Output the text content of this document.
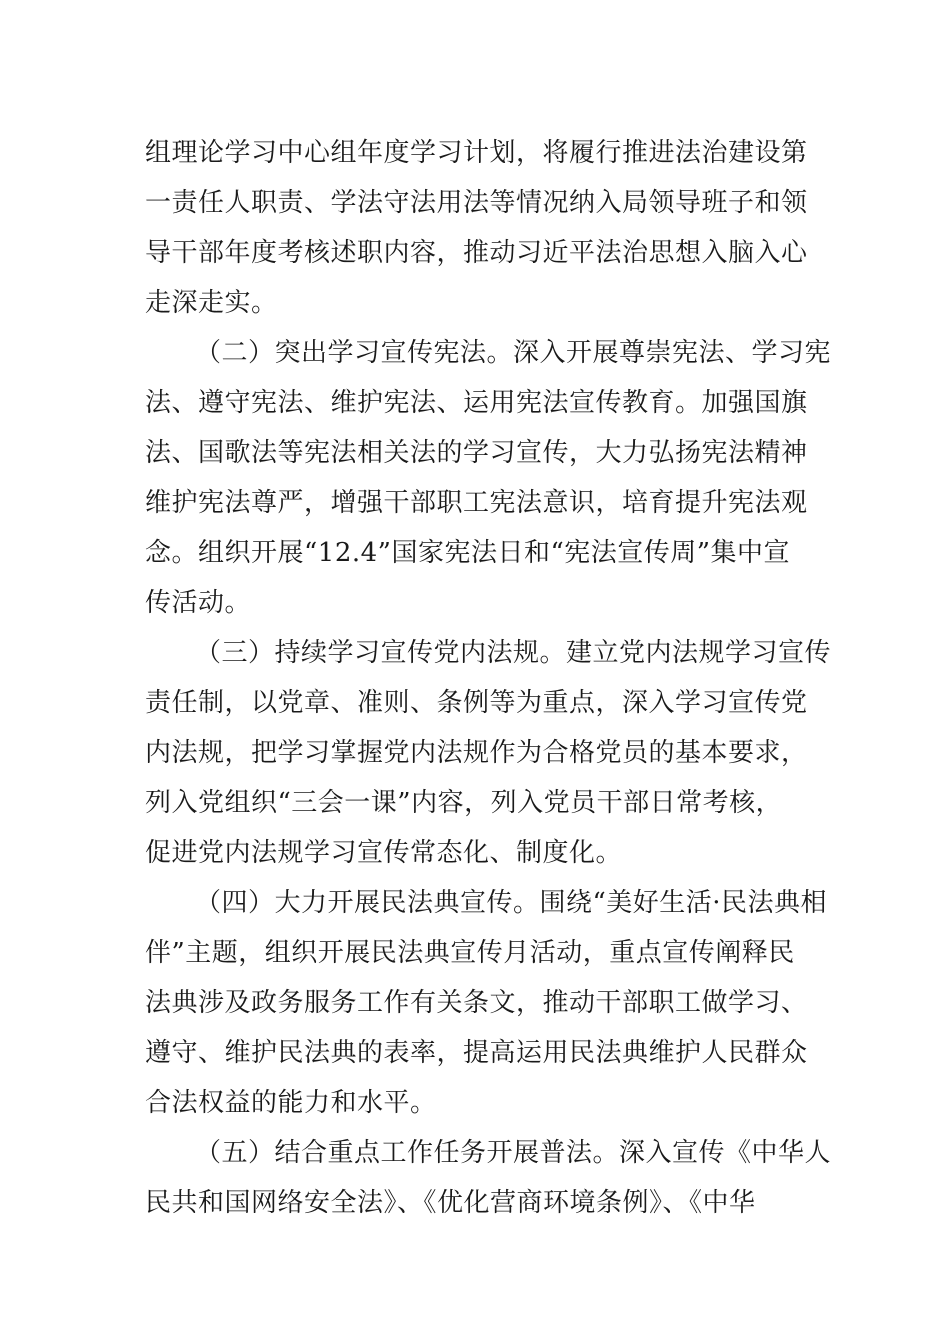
组理论学习中心组年度学习计划，将履行推进法治建设第
一责任人职责、学法守法用法等情况纳入局领导班子和领
导干部年度考核述职内容，推动习近平法治思想入脑入心
走深走实。
（二）突出学习宣传宪法。深入开展尊崇宪法、学习宪
法、遵守宪法、维护宪法、运用宪法宣传教育。加强国旗
法、国歌法等宪法相关法的学习宣传，大力弘扬宪法精神
维护宪法尊严，增强干部职工宪法意识，培育提升宪法观
念。组织开展“12.4”国家宪法日和“宪法宣传周”集中宣
传活动。
（三）持续学习宣传党内法规。建立党内法规学习宣传
责任制，以党章、准则、条例等为重点，深入学习宣传党
内法规，把学习掌握党内法规作为合格党员的基本要求，
列入党组织“三会一课”内容，列入党员干部日常考核，
促进党内法规学习宣传常态化、制度化。
（四）大力开展民法典宣传。围绕“美好生活·民法典相
伴”主题，组织开展民法典宣传月活动，重点宣传阐释民
法典涉及政务服务工作有关条文，推动干部职工做学习、
遵守、维护民法典的表率，提高运用民法典维护人民群众
合法权益的能力和水平。
（五）结合重点工作任务开展普法。深入宣传《中华人
民共和国网络安全法》、《优化营商环境条例》、《中华
